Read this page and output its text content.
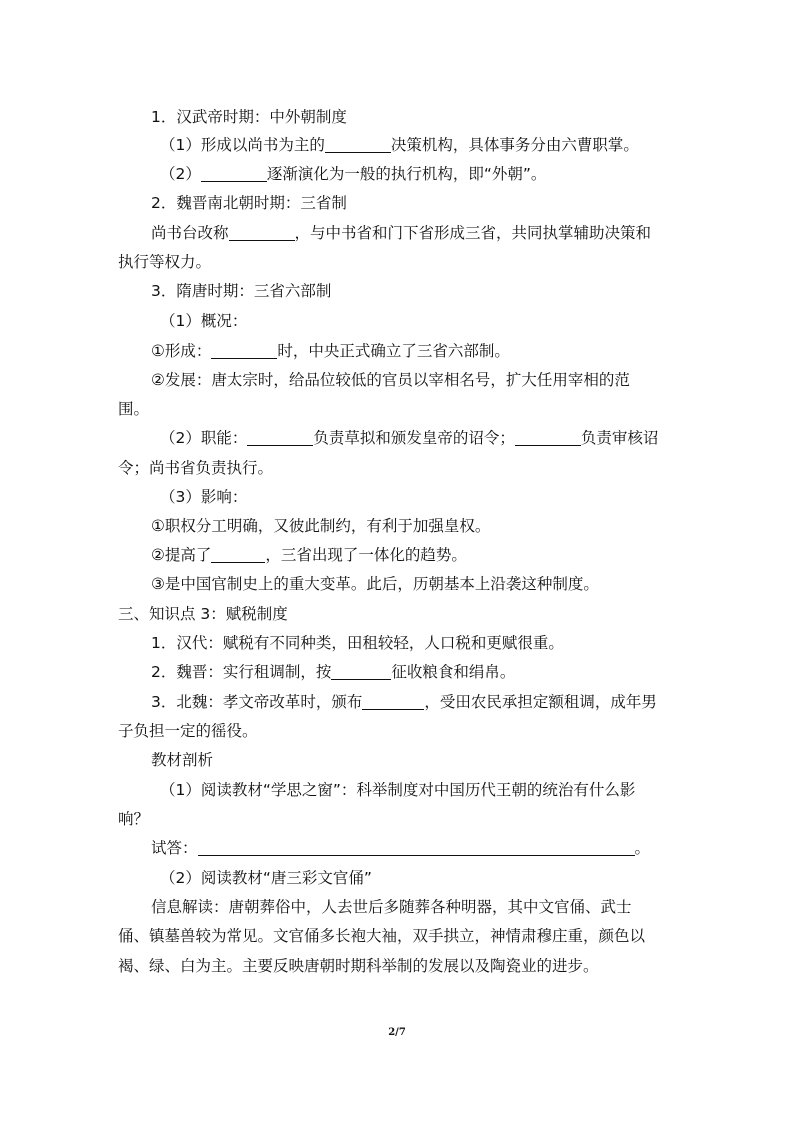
1．汉武帝时期：中外朝制度
（1）形成以尚书为主的	决策机构，具体事务分由六曹职掌。
（2）	逐渐演化为一般的执行机构，即“外朝”。
2．魏晋南北朝时期：三省制
尚书台改称	，与中书省和门下省形成三省，共同执掌辅助决策和
执行等权力。
3．隋唐时期：三省六部制
（1）概况：
①形成：	时，中央正式确立了三省六部制。
②发展：唐太宗时，给品位较低的官员以宰相名号，扩大任用宰相的范
围。
（2）职能：	负责草拟和颁发皇帝的诏令；	负责审核诏
令；尚书省负责执行。
（3）影响：
①职权分工明确，又彼此制约，有利于加强皇权。
②提高了	，三省出现了一体化的趋势。
③是中国官制史上的重大变革。此后，历朝基本上沿袭这种制度。
三、知识点 3：赋税制度
1．汉代：赋税有不同种类，田租较轻，人口税和更赋很重。
2．魏晋：实行租调制，按	征收粮食和绢帛。
3．北魏：孝文帝改革时，颁布	，受田农民承担定额租调，成年男
子负担一定的徭役。
教材剖析
（1）阅读教材“学思之窗”：科举制度对中国历代王朝的统治有什么影
响？
试答：	。
（2）阅读教材“唐三彩文官俑”
信息解读：唐朝葬俗中，人去世后多随葬各种明器，其中文官俑、武士
俑、镇墓兽较为常见。文官俑多长袍大袖，双手拱立，神情肃穆庄重，颜色以
褐、绿、白为主。主要反映唐朝时期科举制的发展以及陶瓷业的进步。
2/7
